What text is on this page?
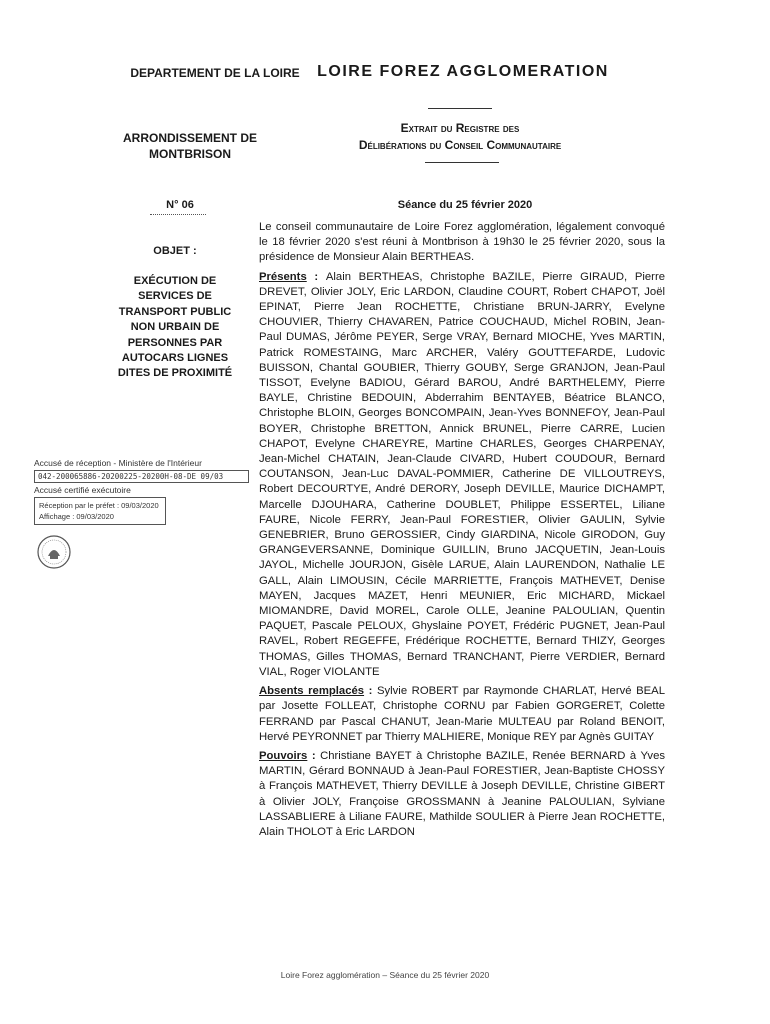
DEPARTEMENT DE LA LOIRE
ARRONDISSEMENT DE MONTBRISON
LOIRE FOREZ AGGLOMERATION
Extrait du Registre des
Délibérations du Conseil Communautaire
N° 06	Séance du 25 février 2020
OBJET :
EXÉCUTION DE SERVICES DE TRANSPORT PUBLIC NON URBAIN DE PERSONNES PAR AUTOCARS LIGNES DITES DE PROXIMITÉ

Le conseil communautaire de Loire Forez agglomération, légalement convoqué le 18 février 2020 s'est réuni à Montbrison à 19h30 le 25 février 2020, sous la présidence de Monsieur Alain BERTHEAS.

Présents : Alain BERTHEAS, Christophe BAZILE, Pierre GIRAUD, Pierre DREVET, Olivier JOLY, Eric LARDON, Claudine COURT, Robert CHAPOT, Joël EPINAT, Pierre Jean ROCHETTE, Christiane BRUN-JARRY, Evelyne CHOUVIER, Thierry CHAVAREN, Patrice COUCHAUD, Michel ROBIN, Jean-Paul DUMAS, Jérôme PEYER, Serge VRAY, Bernard MIOCHE, Yves MARTIN, Patrick ROMESTAING, Marc ARCHER, Valéry GOUTTEFARDE, Ludovic BUISSON, Chantal GOUBIER, Thierry GOUBY, Serge GRANJON, Jean-Paul TISSOT, Evelyne BADIOU, Gérard BAROU, André BARTHELEMY, Pierre BAYLE, Christine BEDOUIN, Abderrahim BENTAYEB, Béatrice BLANCO, Christophe BLOIN, Georges BONCOMPAIN, Jean-Yves BONNEFOY, Jean-Paul BOYER, Christophe BRETTON, Annick BRUNEL, Pierre CARRE, Lucien CHAPOT, Evelyne CHAREYRE, Martine CHARLES, Georges CHARPENAY, Jean-Michel CHATAIN, Jean-Claude CIVARD, Hubert COUDOUR, Bernard COUTANSON, Jean-Luc DAVAL-POMMIER, Catherine DE VILLOUTREYS, Robert DECOURTYE, André DERORY, Joseph DEVILLE, Maurice DICHAMPT, Marcelle DJOUHARA, Catherine DOUBLET, Philippe ESSERTEL, Liliane FAURE, Nicole FERRY, Jean-Paul FORESTIER, Olivier GAULIN, Sylvie GENEBRIER, Bruno GEROSSIER, Cindy GIARDINA, Nicole GIRODON, Guy GRANGEVERSANNE, Dominique GUILLIN, Bruno JACQUETIN, Jean-Louis JAYOL, Michelle JOURJON, Gisèle LARUE, Alain LAURENDON, Nathalie LE GALL, Alain LIMOUSIN, Cécile MARRIETTE, François MATHEVET, Denise MAYEN, Jacques MAZET, Henri MEUNIER, Eric MICHARD, Mickael MIOMANDRE, David MOREL, Carole OLLE, Jeanine PALOULIAN, Quentin PAQUET, Pascale PELOUX, Ghyslaine POYET, Frédéric PUGNET, Jean-Paul RAVEL, Robert REGEFFE, Frédérique ROCHETTE, Bernard THIZY, Georges THOMAS, Gilles THOMAS, Bernard TRANCHANT, Pierre VERDIER, Bernard VIAL, Roger VIOLANTE

Absents remplacés : Sylvie ROBERT par Raymonde CHARLAT, Hervé BEAL par Josette FOLLEAT, Christophe CORNU par Fabien GORGERET, Colette FERRAND par Pascal CHANUT, Jean-Marie MULTEAU par Roland BENOIT, Hervé PEYRONNET par Thierry MALHIERE, Monique REY par Agnès GUITAY

Pouvoirs : Christiane BAYET à Christophe BAZILE, Renée BERNARD à Yves MARTIN, Gérard BONNAUD à Jean-Paul FORESTIER, Jean-Baptiste CHOSSY à François MATHEVET, Thierry DEVILLE à Joseph DEVILLE, Christine GIBERT à Olivier JOLY, Françoise GROSSMANN à Jeanine PALOULIAN, Sylviane LASSABLIERE à Liliane FAURE, Mathilde SOULIER à Pierre Jean ROCHETTE, Alain THOLOT à Eric LARDON

Accusé de réception - Ministère de l'Intérieur
042-200065886-20200225-20200H-08-DE 09/03
Accusé certifié exécutoire
Réception par le préfet : 09/03/2020
Affichage : 09/03/2020
Loire Forez agglomération – Séance du 25 février 2020
